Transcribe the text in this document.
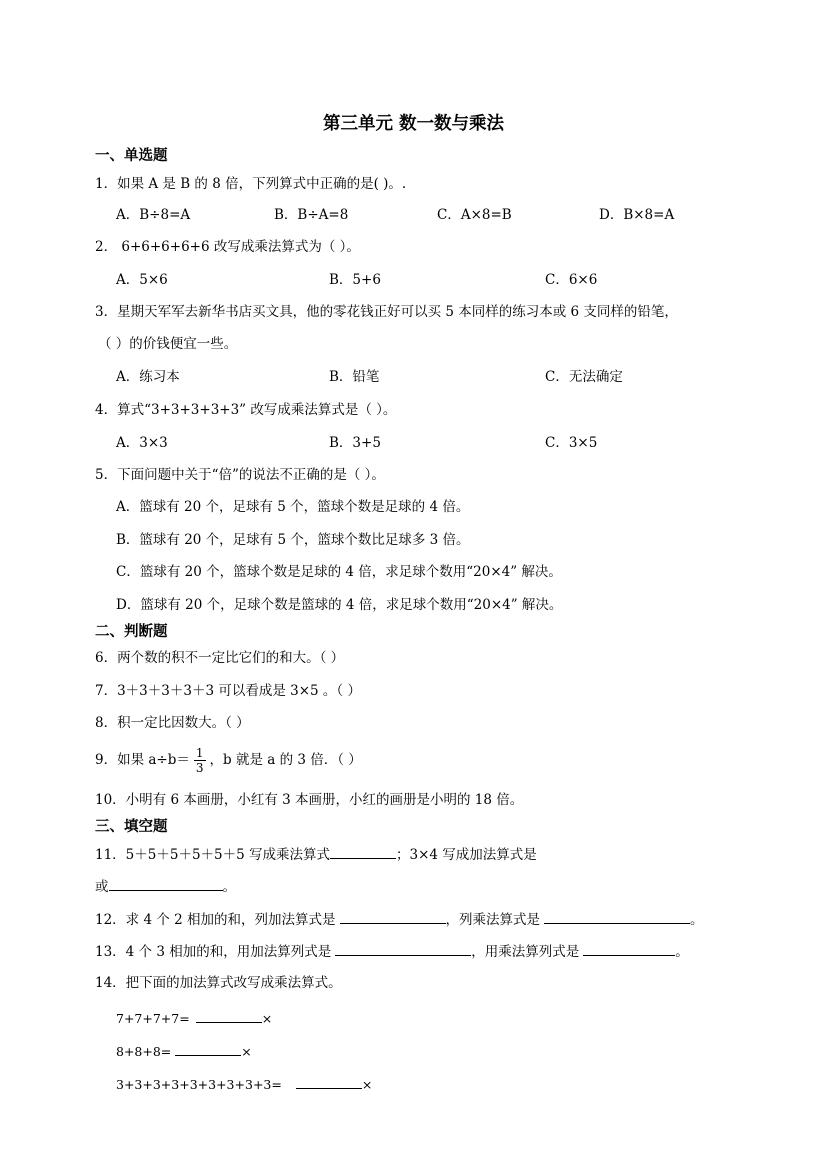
第三单元 数一数与乘法
一、单选题
1．如果 A 是 B 的 8 倍，下列算式中正确的是( )。.
A．B÷8=A	B．B÷A=8	C．A×8=B	D．B×8=A
2． 6+6+6+6+6 改写成乘法算式为（ ）。
A．5×6	B．5+6	C．6×6
3．星期天军军去新华书店买文具，他的零花钱正好可以买 5 本同样的练习本或 6 支同样的铅笔，
（ ）的价钱便宜一些。
A．练习本	B．铅笔	C．无法确定
4．算式“3+3+3+3+3” 改写成乘法算式是（ ）。
A．3×3	B．3+5	C．3×5
5．下面问题中关于“倍”的说法不正确的是（ ）。
A．篮球有 20 个，足球有 5 个，篮球个数是足球的 4 倍。
B．篮球有 20 个，足球有 5 个，篮球个数比足球多 3 倍。
C．篮球有 20 个，篮球个数是足球的 4 倍，求足球个数用“20×4” 解决。
D．篮球有 20 个，足球个数是篮球的 4 倍，求足球个数用“20×4” 解决。
二、判断题
6．两个数的积不一定比它们的和大。（ ）
7．3＋3＋3＋3＋3 可以看成是 3×5 。（ ）
8．积一定比因数大。（ ）
9．如果 $a\div b= \frac{1}{3}$ ，b 就是 a 的 3 倍．（ ）
10．小明有 6 本画册，小红有 3 本画册，小红的画册是小明的 18 倍。
三、填空题
11．5＋5＋5＋5＋5＋5 写成乘法算式	；3×4 写成加法算式是
或	。
12．求 4 个 2 相加的和，列加法算式是	，列乘法算式是	。
13．4 个 3 相加的和，用加法算列式是	，用乘法算列式是	。
14．把下面的加法算式改写成乘法算式。
7+7+7+7=	×
8+8+8=	×
3+3+3+3+3+3+3+3+3=	×
